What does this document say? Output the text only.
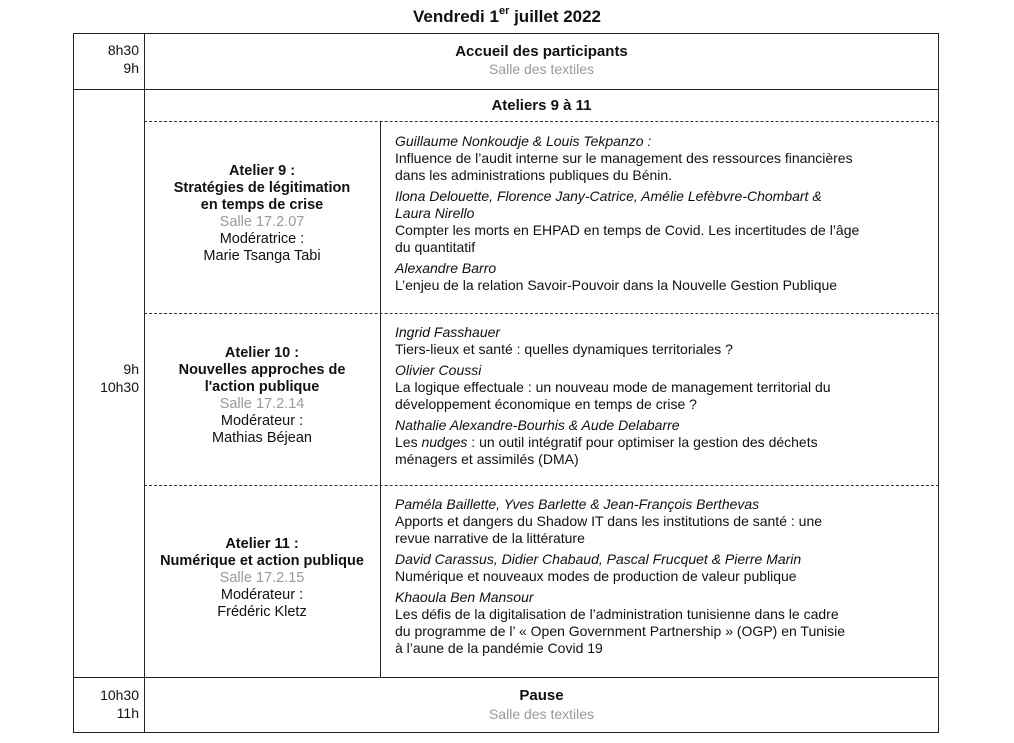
Vendredi 1er juillet 2022
8h30
9h
Accueil des participants
Salle des textiles
Ateliers 9 à 11
9h
10h30
Atelier 9 :
Stratégies de légitimation
en temps de crise
Salle 17.2.07
Modératrice :
Marie Tsanga Tabi
Guillaume Nonkoudje & Louis Tekpanzo :
Influence de l’audit interne sur le management des ressources financières
dans les administrations publiques du Bénin.
Ilona Delouette, Florence Jany-Catrice, Amélie Lefèbvre-Chombart &
Laura Nirello
Compter les morts en EHPAD en temps de Covid. Les incertitudes de l’âge
du quantitatif
Alexandre Barro
L’enjeu de la relation Savoir-Pouvoir dans la Nouvelle Gestion Publique
Atelier 10 :
Nouvelles approches de
l'action publique
Salle 17.2.14
Modérateur :
Mathias Béjean
Ingrid Fasshauer
Tiers-lieux et santé : quelles dynamiques territoriales ?
Olivier Coussi
La logique effectuale : un nouveau mode de management territorial du
développement économique en temps de crise ?
Nathalie Alexandre-Bourhis & Aude Delabarre
Les nudges : un outil intégratif pour optimiser la gestion des déchets
ménagers et assimilés (DMA)
Atelier 11 :
Numérique et action publique
Salle 17.2.15
Modérateur :
Frédéric Kletz
Paméla Baillette, Yves Barlette & Jean-François Berthevas
Apports et dangers du Shadow IT dans les institutions de santé : une
revue narrative de la littérature
David Carassus, Didier Chabaud, Pascal Frucquet & Pierre Marin
Numérique et nouveaux modes de production de valeur publique
Khaoula Ben Mansour
Les défis de la digitalisation de l’administration tunisienne dans le cadre
du programme de l’ « Open Government Partnership » (OGP) en Tunisie
à l’aune de la pandémie Covid 19
10h30
11h
Pause
Salle des textiles
